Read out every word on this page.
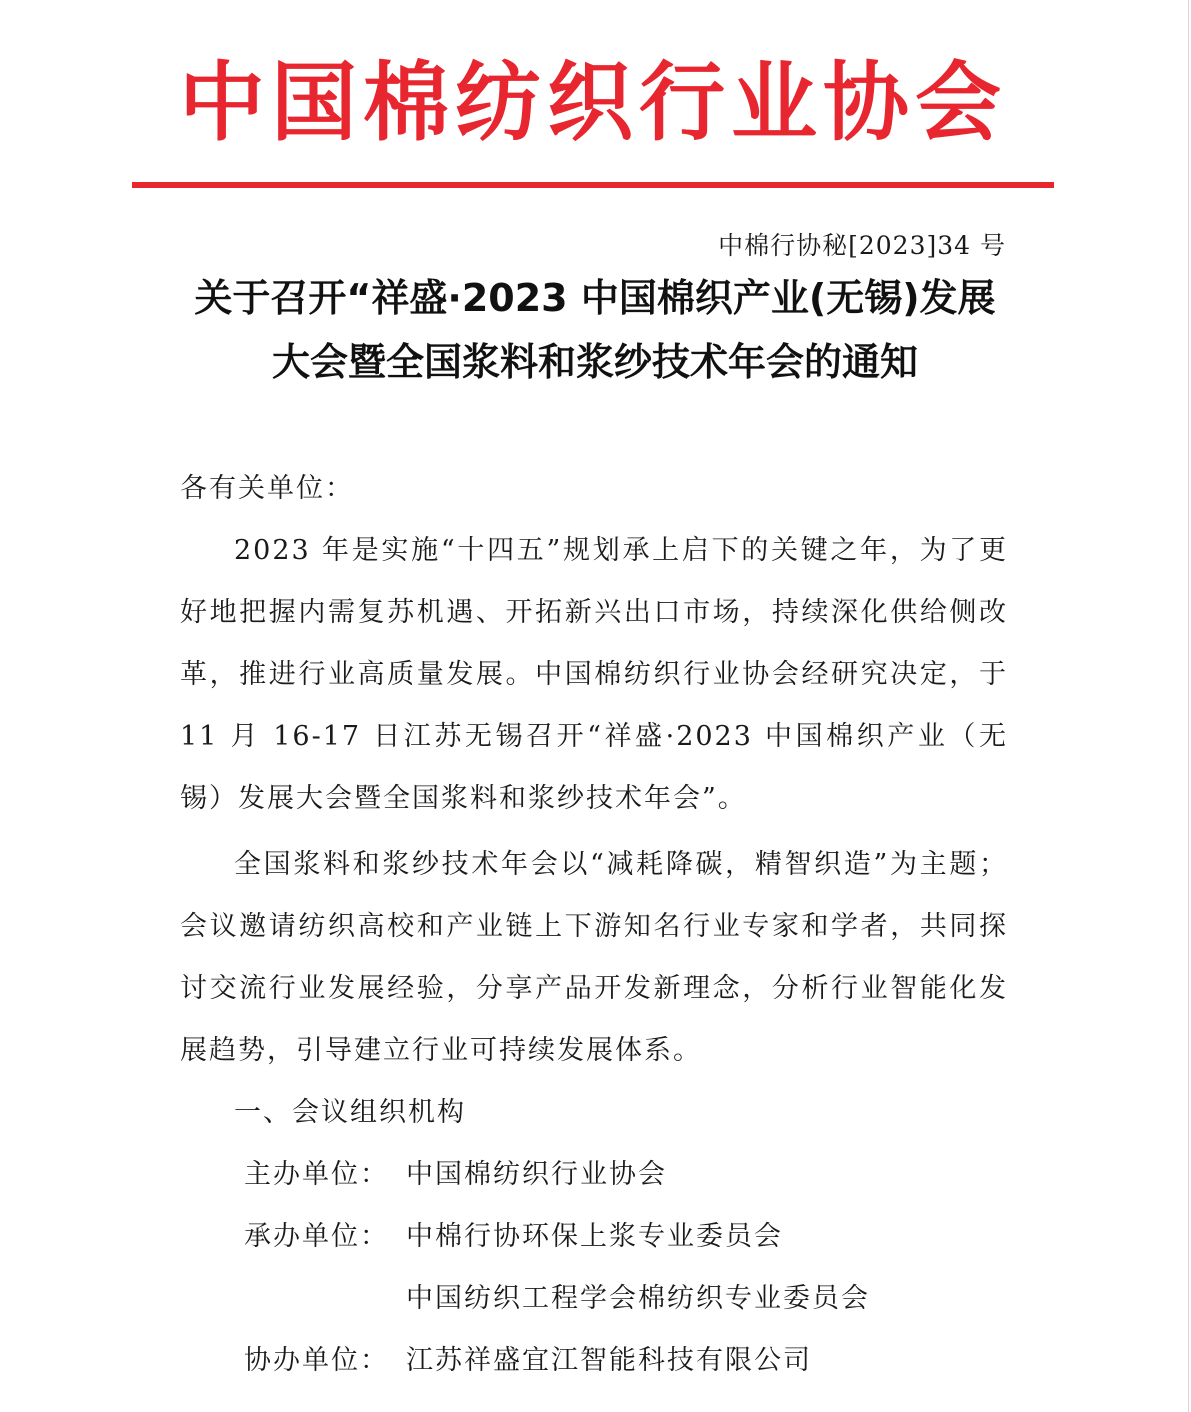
中国棉纺织行业协会
中棉行协秘[2023]34 号
关于召开“祥盛·2023 中国棉织产业(无锡)发展大会暨全国浆料和浆纱技术年会的通知

各有关单位：

2023 年是实施“十四五”规划承上启下的关键之年，为了更好地把握内需复苏机遇、开拓新兴出口市场，持续深化供给侧改革，推进行业高质量发展。中国棉纺织行业协会经研究决定，于 11 月 16-17 日江苏无锡召开“祥盛·2023 中国棉织产业（无锡）发展大会暨全国浆料和浆纱技术年会”。

全国浆料和浆纱技术年会以“减耗降碳，精智织造”为主题；会议邀请纺织高校和产业链上下游知名行业专家和学者，共同探讨交流行业发展经验，分享产品开发新理念，分析行业智能化发展趋势，引导建立行业可持续发展体系。

一、会议组织机构

主办单位： 中国棉纺织行业协会
承办单位： 中棉行协环保上浆专业委员会
中国纺织工程学会棉纺织专业委员会
协办单位： 江苏祥盛宜江智能科技有限公司
